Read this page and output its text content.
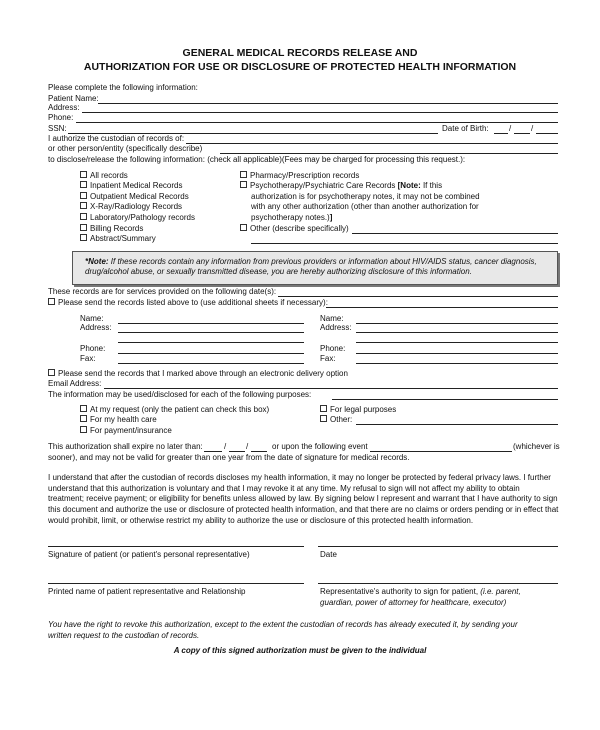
GENERAL MEDICAL RECORDS RELEASE AND
AUTHORIZATION FOR USE OR DISCLOSURE OF PROTECTED HEALTH INFORMATION
Please complete the following information:
Patient Name:
Address:
Phone:
SSN:	Date of Birth:	/ /
I authorize the custodian of records of:
or other person/entity (specifically describe)
to disclose/release the following information: (check all applicable)(Fees may be charged for processing this request.):
All records
Inpatient Medical Records
Outpatient Medical Records
X-Ray/Radiology Records
Laboratory/Pathology records
Billing Records
Abstract/Summary
Pharmacy/Prescription records
Psychotherapy/Psychiatric Care Records [Note: If this
authorization is for psychotherapy notes, it may not be combined
with any other authorization (other than another authorization for
psychotherapy notes.)]
Other (describe specifically)
*Note: If these records contain any information from previous providers or information about HIV/AIDS status, cancer diagnosis,
drug/alcohol abuse, or sexually transmitted disease, you are hereby authorizing disclosure of this information.
These records are for services provided on the following date(s):
Please send the records listed above to (use additional sheets if necessary):
Name:
Address:
Phone:
Fax:
Name:
Address:
Phone:
Fax:
Please send the records that I marked above through an electronic delivery option
Email Address:
The information may be used/disclosed for each of the following purposes:
At my request (only the patient can check this box)
For my health care
For payment/insurance
For legal purposes
Other:
This authorization shall expire no later than:	/ /	or upon the following event	(whichever is
sooner), and may not be valid for greater than one year from the date of signature for medical records.
I understand that after the custodian of records discloses my health information, it may no longer be protected by federal privacy laws. I further
understand that this authorization is voluntary and that I may revoke it at any time. My refusal to sign will not affect my ability to obtain
treatment; receive payment; or eligibility for benefits unless allowed by law. By signing below I represent and warrant that I have authority to sign
this document and authorize the use or disclosure of protected health information, and that there are no claims or orders pending or in effect that
would prohibit, limit, or otherwise restrict my ability to authorize the use or disclosure of this protected health information.
Signature of patient (or patient's personal representative)	Date
Printed name of patient representative and Relationship	Representative's authority to sign for patient, (i.e. parent,
guardian, power of attorney for healthcare, executor)
You have the right to revoke this authorization, except to the extent the custodian of records has already executed it, by sending your
written request to the custodian of records.
A copy of this signed authorization must be given to the individual
